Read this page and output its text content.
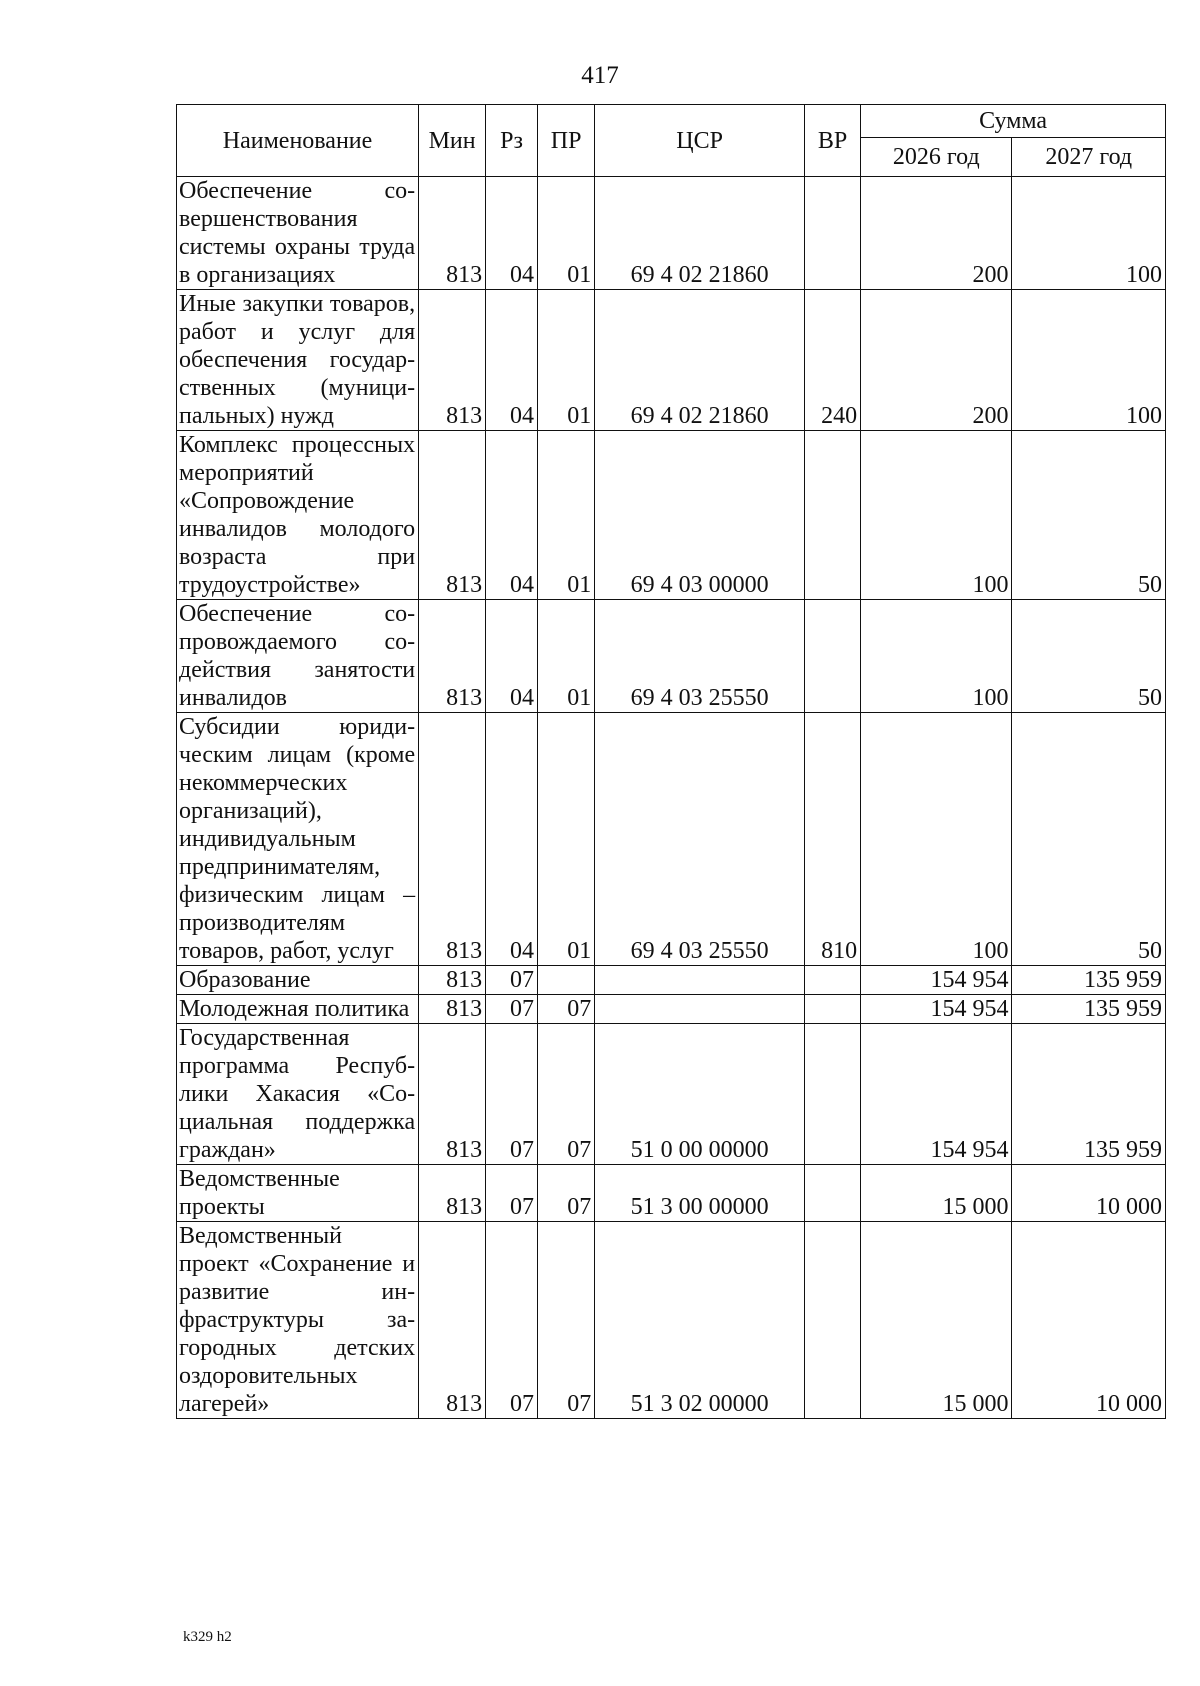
417
Наименование	Мин	Рз	ПР	ЦСР	ВР	Сумма	
						2026 год	2027 год
Обеспечение совершенствования системы охраны труда в организациях	813	04	01	69 4 02 21860		200	100
Иные закупки товаров, работ и услуг для обеспечения государственных (муниципальных) нужд	813	04	01	69 4 02 21860	240	200	100
Комплекс процессных мероприятий «Сопровождение инвалидов молодого возраста при трудоустройстве»	813	04	01	69 4 03 00000		100	50
Обеспечение сопровождаемого содействия занятости инвалидов	813	04	01	69 4 03 25550		100	50
Субсидии юридическим лицам (кроме некоммерческих организаций), индивидуальным предпринимателям, физическим лицам – производителям товаров, работ, услуг	813	04	01	69 4 03 25550	810	100	50
Образование	813	07				154 954	135 959
Молодежная политика	813	07	07			154 954	135 959
Государственная программа Республики Хакасия «Социальная поддержка граждан»	813	07	07	51 0 00 00000		154 954	135 959
Ведомственные проекты	813	07	07	51 3 00 00000		15 000	10 000
Ведомственный проект «Сохранение и развитие инфраструктуры загородных детских оздоровительных лагерей»	813	07	07	51 3 02 00000		15 000	10 000
k329 h2
